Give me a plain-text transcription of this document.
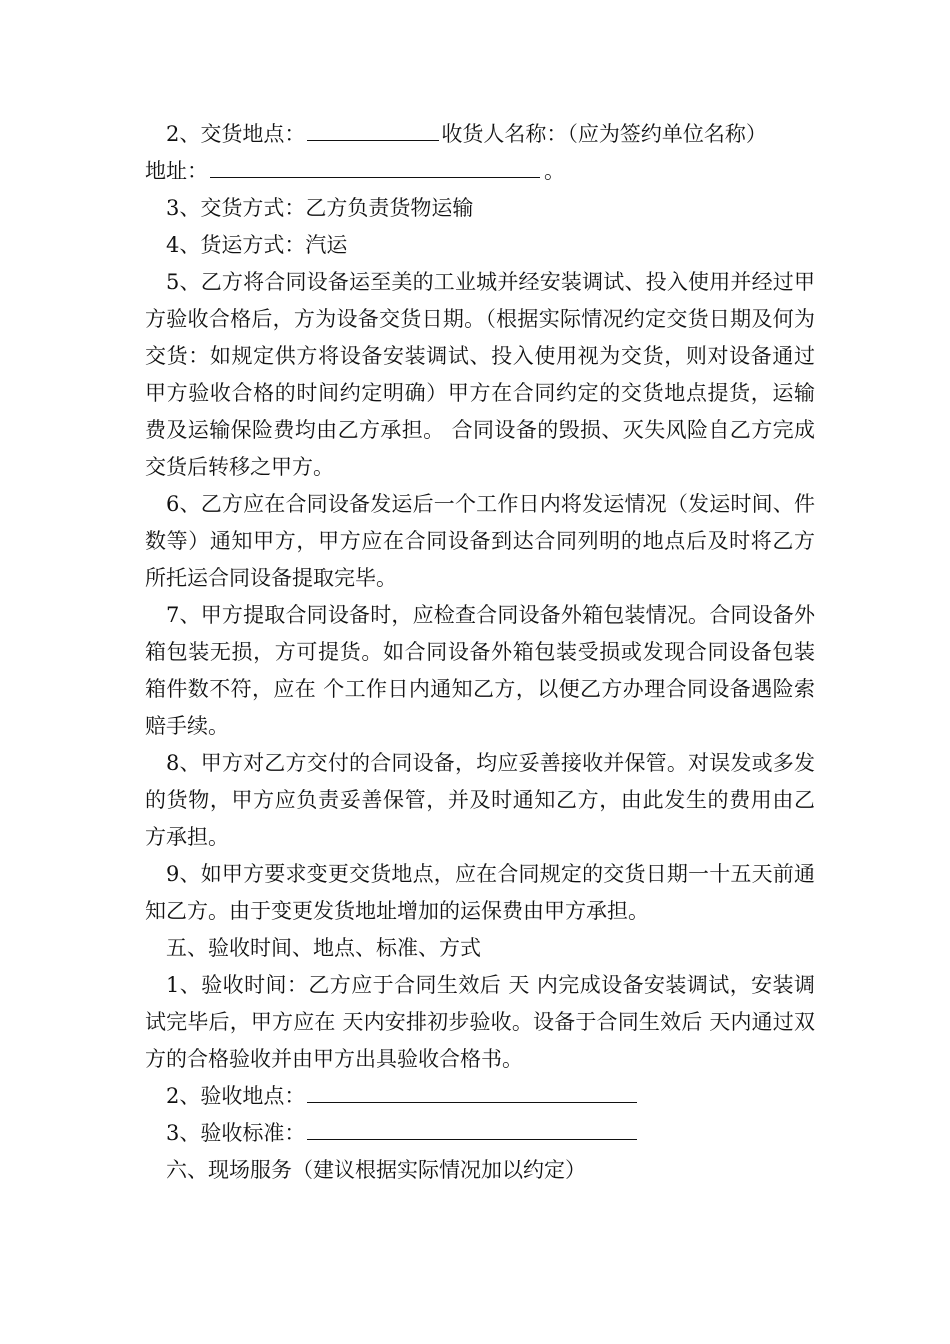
2、交货地点：	收货人名称：（应为签约单位名称）

地址：	。

3、交货方式：乙方负责货物运输

4、货运方式：汽运

5、乙方将合同设备运至美的工业城并经安装调试、投入使用并经过甲方验收合格后，方为设备交货日期。（根据实际情况约定交货日期及何为交货：如规定供方将设备安装调试、投入使用视为交货，则对设备通过甲方验收合格的时间约定明确）甲方在合同约定的交货地点提货，运输费及运输保险费均由乙方承担。 合同设备的毁损、灭失风险自乙方完成交货后转移之甲方。

6、乙方应在合同设备发运后一个工作日内将发运情况（发运时间、件数等）通知甲方，甲方应在合同设备到达合同列明的地点后及时将乙方所托运合同设备提取完毕。

7、甲方提取合同设备时，应检查合同设备外箱包装情况。合同设备外箱包装无损，方可提货。如合同设备外箱包装受损或发现合同设备包装箱件数不符，应在 个工作日内通知乙方，以便乙方办理合同设备遇险索赔手续。

8、甲方对乙方交付的合同设备，均应妥善接收并保管。对误发或多发的货物，甲方应负责妥善保管，并及时通知乙方，由此发生的费用由乙方承担。

9、如甲方要求变更交货地点，应在合同规定的交货日期一十五天前通知乙方。由于变更发货地址增加的运保费由甲方承担。

五、验收时间、地点、标准、方式

1、验收时间：乙方应于合同生效后 天 内完成设备安装调试，安装调试完毕后，甲方应在 天内安排初步验收。设备于合同生效后 天内通过双方的合格验收并由甲方出具验收合格书。

2、验收地点：

3、验收标准：

六、现场服务（建议根据实际情况加以约定）
